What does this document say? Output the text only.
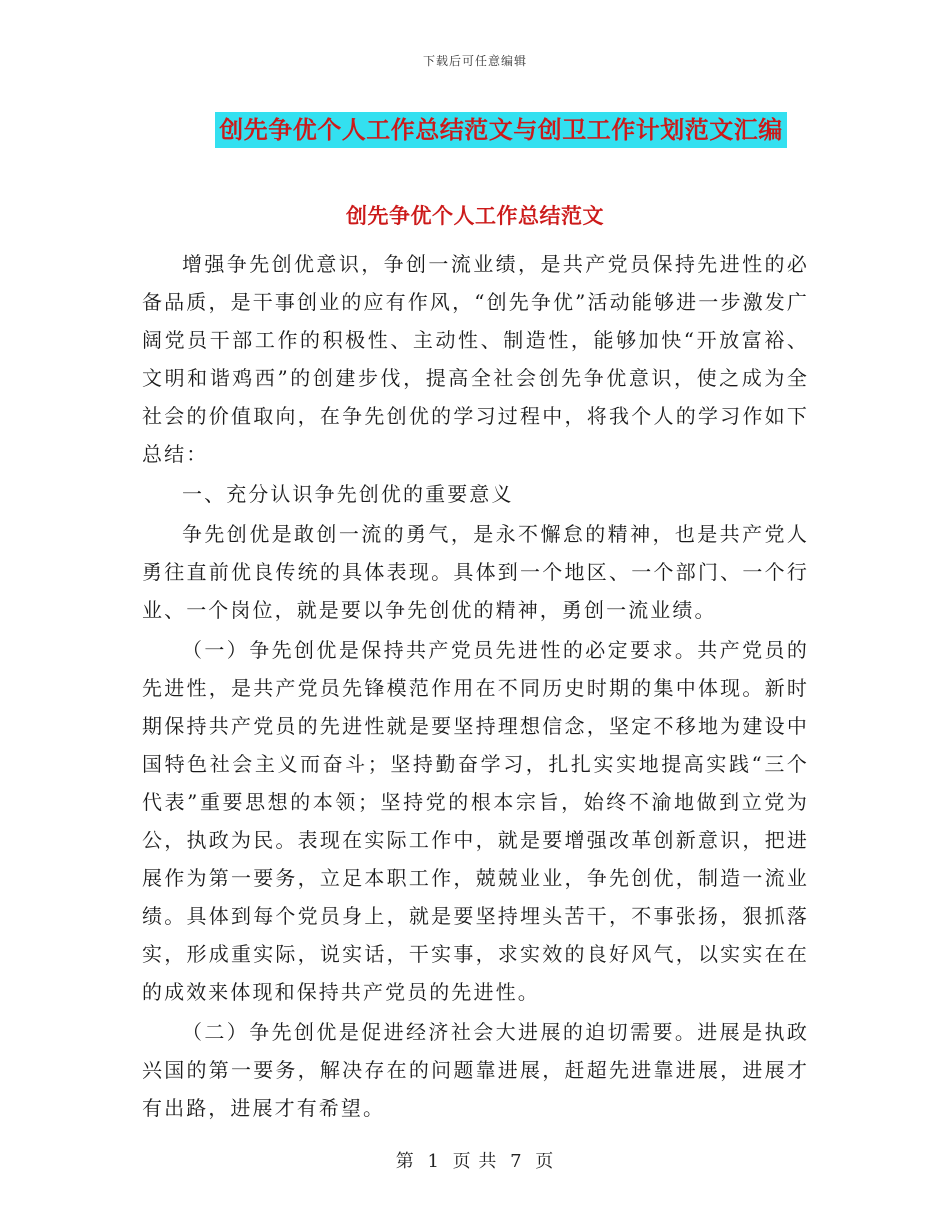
下载后可任意编辑
创先争优个人工作总结范文与创卫工作计划范文汇编
创先争优个人工作总结范文

增强争先创优意识，争创一流业绩，是共产党员保持先进性的必备品质，是干事创业的应有作风，“创先争优”活动能够进一步激发广阔党员干部工作的积极性、主动性、制造性，能够加快“开放富裕、文明和谐鸡西”的创建步伐，提高全社会创先争优意识，使之成为全社会的价值取向，在争先创优的学习过程中，将我个人的学习作如下总结：

一、充分认识争先创优的重要意义

争先创优是敢创一流的勇气，是永不懈怠的精神，也是共产党人勇往直前优良传统的具体表现。具体到一个地区、一个部门、一个行业、一个岗位，就是要以争先创优的精神，勇创一流业绩。

（一）争先创优是保持共产党员先进性的必定要求。共产党员的先进性，是共产党员先锋模范作用在不同历史时期的集中体现。新时期保持共产党员的先进性就是要坚持理想信念，坚定不移地为建设中国特色社会主义而奋斗；坚持勤奋学习，扎扎实实地提高实践“三个代表”重要思想的本领；坚持党的根本宗旨，始终不渝地做到立党为公，执政为民。表现在实际工作中，就是要增强改革创新意识，把进展作为第一要务，立足本职工作，兢兢业业，争先创优，制造一流业绩。具体到每个党员身上，就是要坚持埋头苦干，不事张扬，狠抓落实，形成重实际，说实话，干实事，求实效的良好风气，以实实在在的成效来体现和保持共产党员的先进性。

（二）争先创优是促进经济社会大进展的迫切需要。进展是执政兴国的第一要务，解决存在的问题靠进展，赶超先进靠进展，进展才有出路，进展才有希望。

第 1 页 共 7 页
